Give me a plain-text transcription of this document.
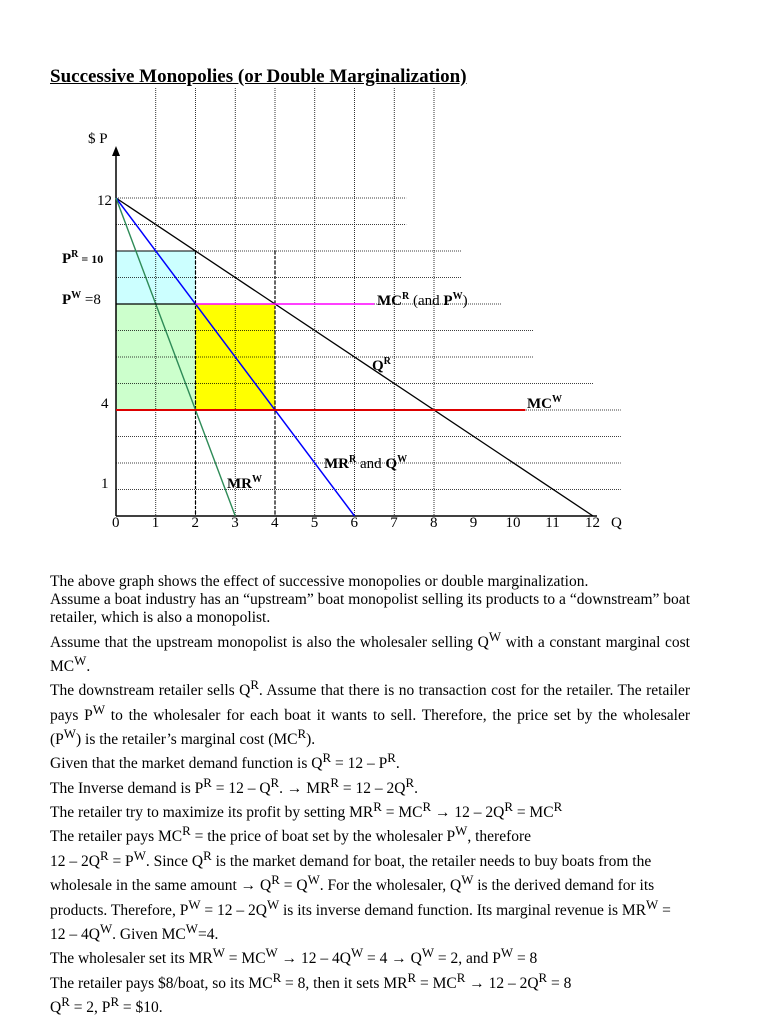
0 1 2 3 4 5 6 7 8 9 10 11 12
$ P
Q
12
4
1
$P^R$ $_{= 10}$
$P^W =8$	$MC^R$ (and $P^W$)
$Q^R$
$MC^W$
$MR^R$ and $Q^W$
$MR^W$
Successive Monopolies (or Double Marginalization)

The above graph shows the effect of successive monopolies or double marginalization.

Assume a boat industry has an “upstream” boat monopolist selling its products to a “downstream” boat retailer, which is also a monopolist.

Assume that the upstream monopolist is also the wholesaler selling $Q^W$ with a constant marginal cost $MC^W$.

The downstream retailer sells $Q^R$. Assume that there is no transaction cost for the retailer. The retailer pays $P^W$ to the wholesaler for each boat it wants to sell. Therefore, the price set by the wholesaler $(P^W)$ is the retailer’s marginal cost $(MC^R)$.

Given that the market demand function is $Q^R = 12 - P^R$.

The Inverse demand is $P^R = 12 - Q^R$. → $MR^R = 12 - 2Q^R$.

The retailer try to maximize its profit by setting $MR^R = MC^R \to 12 - 2Q^R = MC^R$

The retailer pays $MC^R$ = the price of boat set by the wholesaler $P^W$, therefore

$12 - 2Q^R = P^W$. Since $Q^R$ is the market demand for boat, the retailer needs to buy boats from the wholesale in the same amount → $Q^R = Q^W$. For the wholesaler, $Q^W$ is the derived demand for its products. Therefore, $P^W = 12 - 2Q^W$ is its inverse demand function. Its marginal revenue is $MR^W = 12 - 4Q^W$. Given $MC^W=4$.

The wholesaler set its $MR^W = MC^W \to 12 - 4Q^W = 4 \to Q^W = 2$, and $P^W = 8$

The retailer pays $8/boat, so its $MC^R = 8$, then it sets $MR^R = MC^R \to 12 - 2Q^R = 8$

$Q^R = 2$, $P^R$ = $10.
